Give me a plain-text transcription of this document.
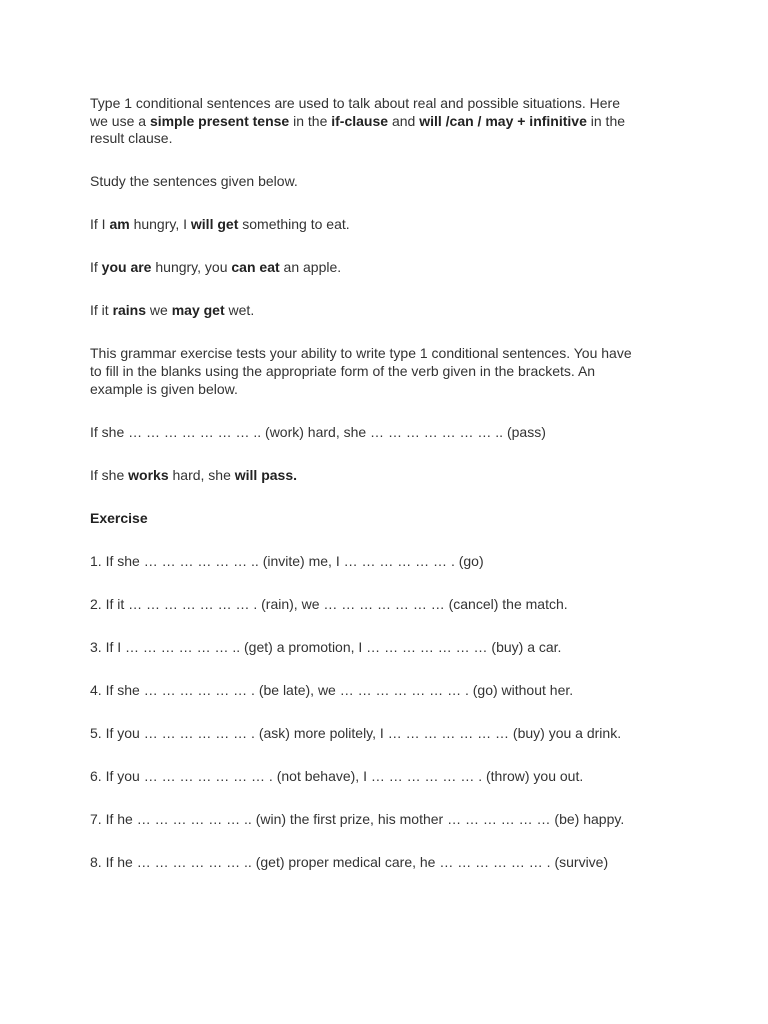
Type 1 conditional sentences are used to talk about real and possible situations. Here
we use a simple present tense in the if-clause and will /can / may + infinitive in the
result clause.
Study the sentences given below.
If I am hungry, I will get something to eat.
If you are hungry, you can eat an apple.
If it rains we may get wet.
This grammar exercise tests your ability to write type 1 conditional sentences. You have
to fill in the blanks using the appropriate form of the verb given in the brackets. An
example is given below.
If she … … … … … … … .. (work) hard, she … … … … … … … .. (pass)
If she works hard, she will pass.
Exercise
1. If she … … … … … … .. (invite) me, I … … … … … … . (go)
2. If it … … … … … … … . (rain), we … … … … … … … (cancel) the match.
3. If I … … … … … … .. (get) a promotion, I … … … … … … … (buy) a car.
4. If she … … … … … … . (be late), we … … … … … … … . (go) without her.
5. If you … … … … … … . (ask) more politely, I … … … … … … … (buy) you a drink.
6. If you … … … … … … … . (not behave), I … … … … … … . (throw) you out.
7. If he … … … … … … .. (win) the first prize, his mother … … … … … … (be) happy.
8. If he … … … … … … .. (get) proper medical care, he … … … … … … . (survive)
